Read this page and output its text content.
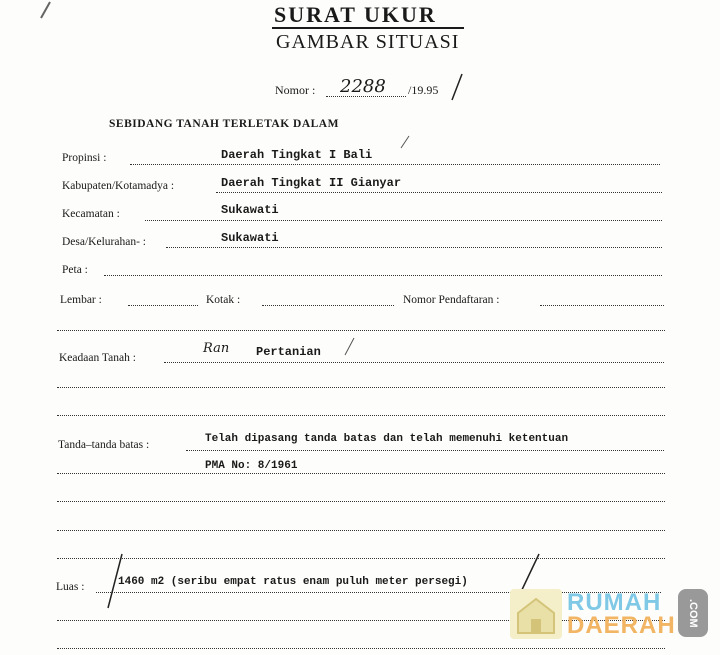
SURAT UKUR
GAMBAR SITUASI
Nomor : 2288 /19.95
SEBIDANG TANAH TERLETAK DALAM
Propinsi :	Daerah Tingkat I Bali
Kabupaten/Kotamadya :	Daerah Tingkat II Gianyar
Kecamatan :	Sukawati
Desa/Kelurahan- :	Sukawati
Peta :
Lembar :	Kotak :	Nomor Pendaftaran :
Keadaan Tanah :
Ran Pertanian
Tanda–tanda batas :	Telah dipasang tanda batas dan telah memenuhi ketentuan
PMA No: 8/1961
Luas :	1460 m2 (seribu empat ratus enam puluh meter persegi)
RUMAH
DAERAH	.COM
